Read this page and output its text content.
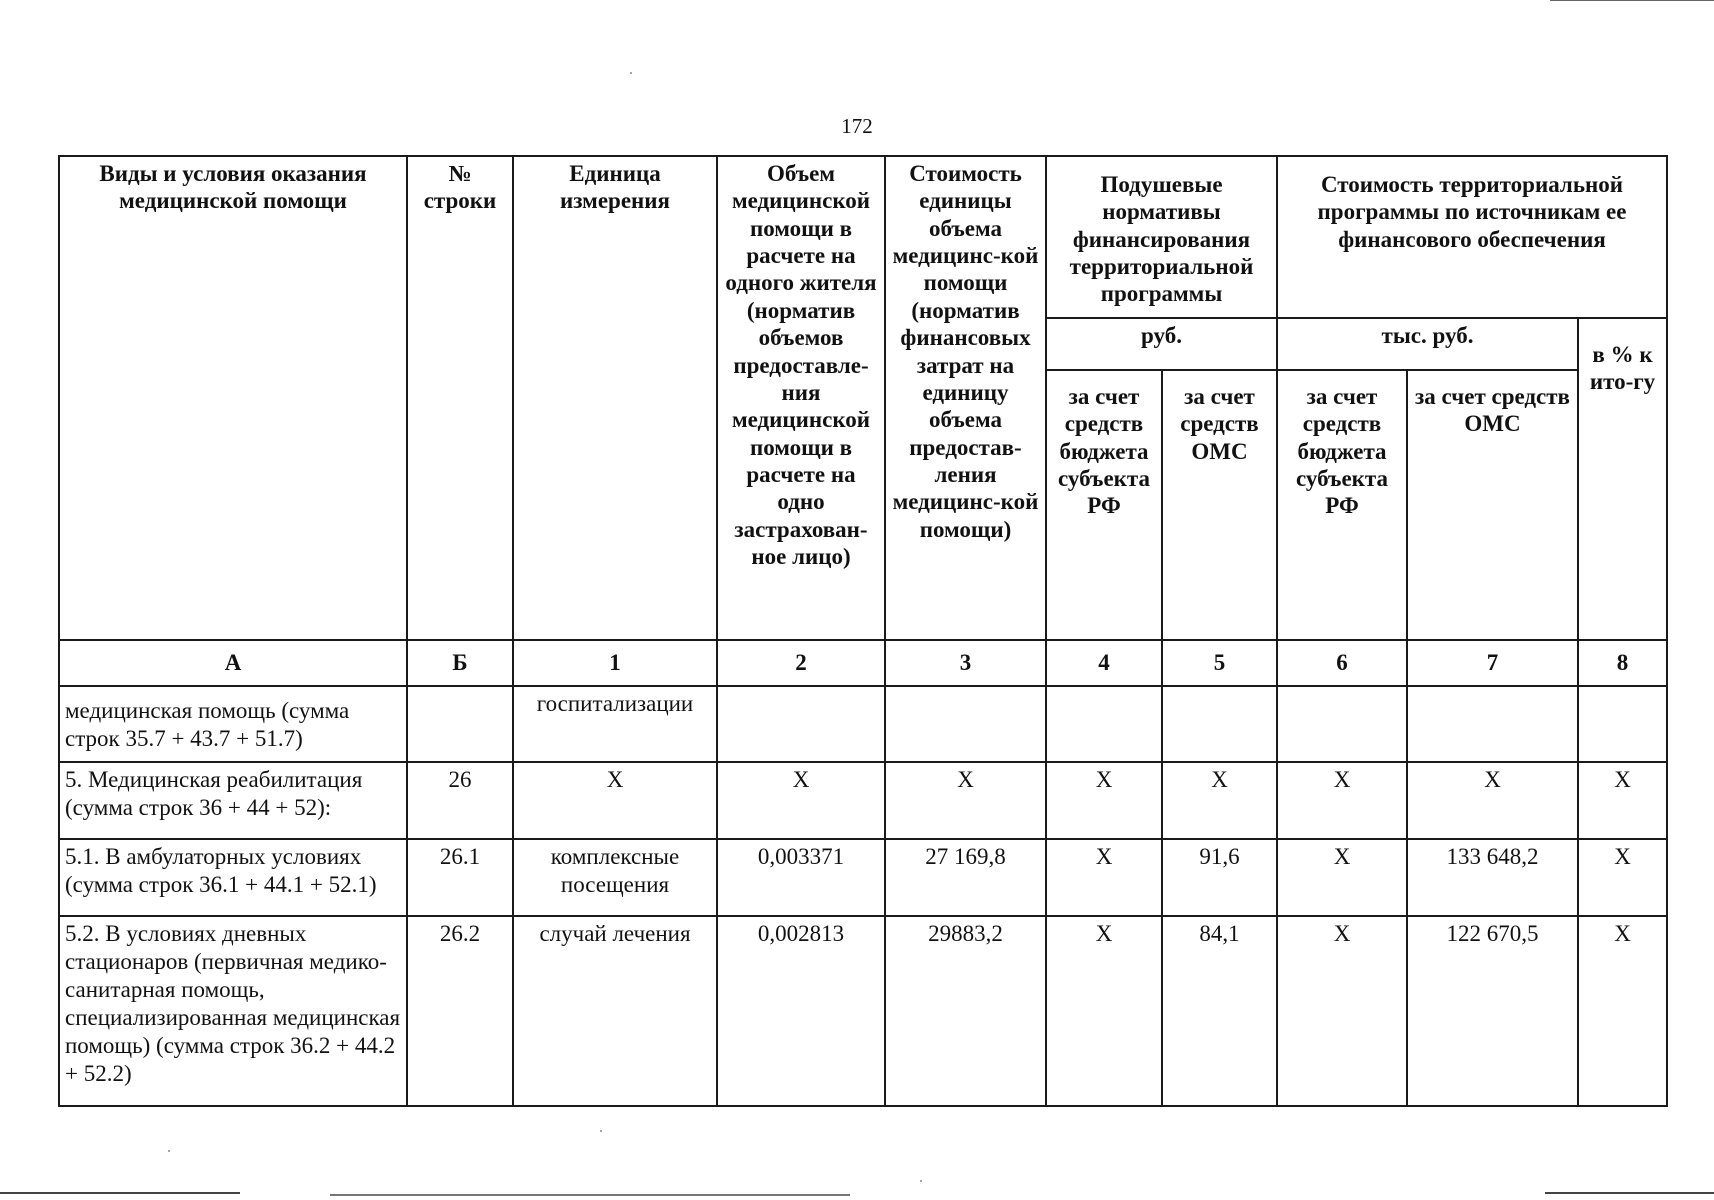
172
Виды и условия оказания медицинской помощи	№ строки	Единица измерения	Объем медицинской помощи в расчете на одного жителя (норматив объемов предоставле-ния медицинской помощи в расчете на одно застрахован-ное лицо)	Стоимость единицы объема медицинс-кой помощи (норматив финансовых затрат на единицу объема предостав-ления медицинс-кой помощи)	Подушевые нормативы финансирования территориальной программы		Стоимость территориальной программы по источникам ее финансового обеспечения		
					руб.		тыс. руб.		в % к ито-гу
					за счет средств бюджета субъекта РФ	за счет средств ОМС	за счет средств бюджета субъекта РФ	за счет средств ОМС	
А	Б	1	2	3	4	5	6	7	8
медицинская помощь (сумма строк 35.7 + 43.7 + 51.7)		госпитализации							
5. Медицинская реабилитация (сумма строк 36 + 44 + 52):	26	X	X	X	X	X	X	X	X
5.1. В амбулаторных условиях (сумма строк 36.1 + 44.1 + 52.1)	26.1	комплексные посещения	0,003371	27 169,8	X	91,6	X	133 648,2	X
5.2. В условиях дневных стационаров (первичная медико-санитарная помощь, специализированная медицинская помощь) (сумма строк 36.2 + 44.2 + 52.2)	26.2	случай лечения	0,002813	29883,2	X	84,1	X	122 670,5	X
